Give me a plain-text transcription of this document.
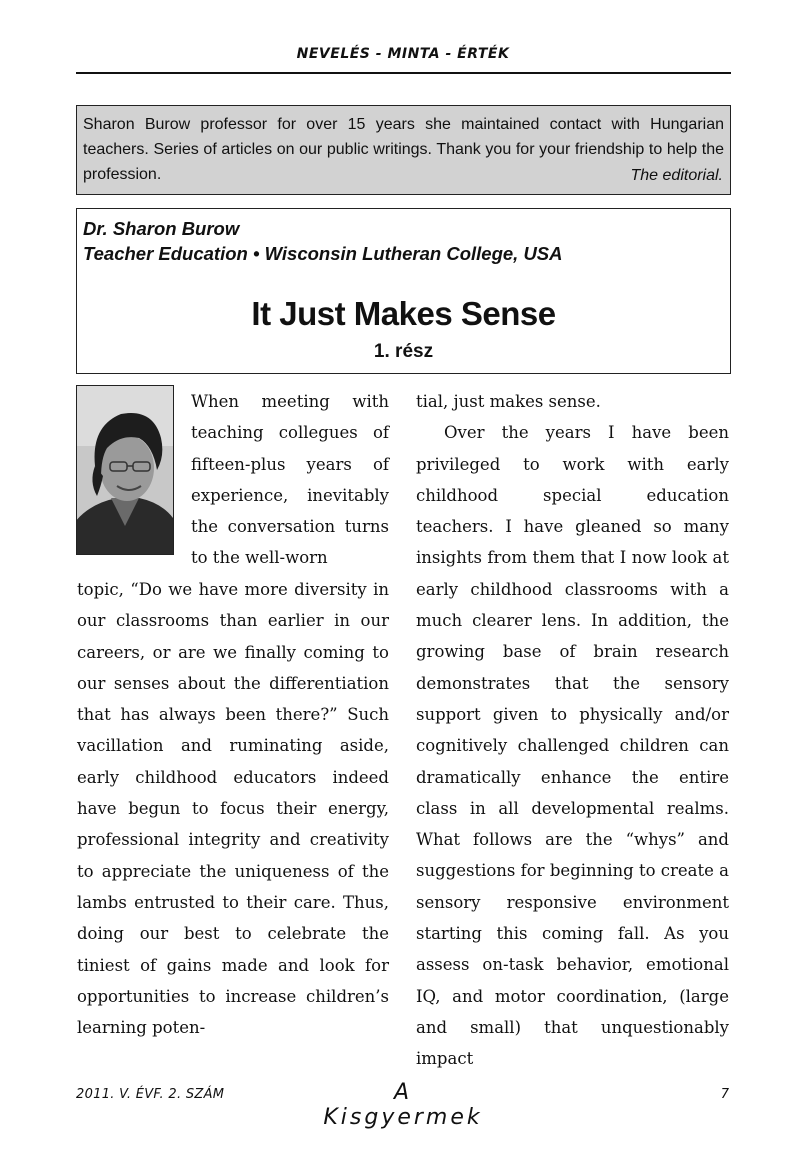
NEVELÉS - MINTA - ÉRTÉK
Sharon Burow professor for over 15 years she maintained contact with Hungarian teachers. Series of articles on our public writings. Thank you for your friendship to help the profession.	The editorial.
Dr. Sharon Burow
Teacher Education • Wisconsin Lutheran College, USA
It Just Makes Sense
1. rész
When meeting with teaching collegues of fifteen-plus years of experience, inevitably the conversation turns to the well-worn
topic, “Do we have more diversity in our classrooms than earlier in our careers, or are we finally coming to our senses about the differentiation that has always been there?” Such vacillation and ruminating aside, early childhood educators indeed have begun to focus their energy, professional integrity and creativity to appreciate the uniqueness of the lambs entrusted to their care. Thus, doing our best to celebrate the tiniest of gains made and look for opportunities to increase children’s learning poten-
tial, just makes sense.
Over the years I have been privileged to work with early childhood special education teachers. I have gleaned so many insights from them that I now look at early childhood classrooms with a much clearer lens. In addition, the growing base of brain research demonstrates that the sensory support given to physically and/or cognitively challenged children can dramatically enhance the entire class in all developmental realms. What follows are the “whys” and suggestions for beginning to create a sensory responsive environment starting this coming fall. As you assess on-task behavior, emotional IQ, and motor coordination, (large and small) that unquestionably impact
2011. V. ÉVF. 2. SZÁM	A Kisgyermek
7
